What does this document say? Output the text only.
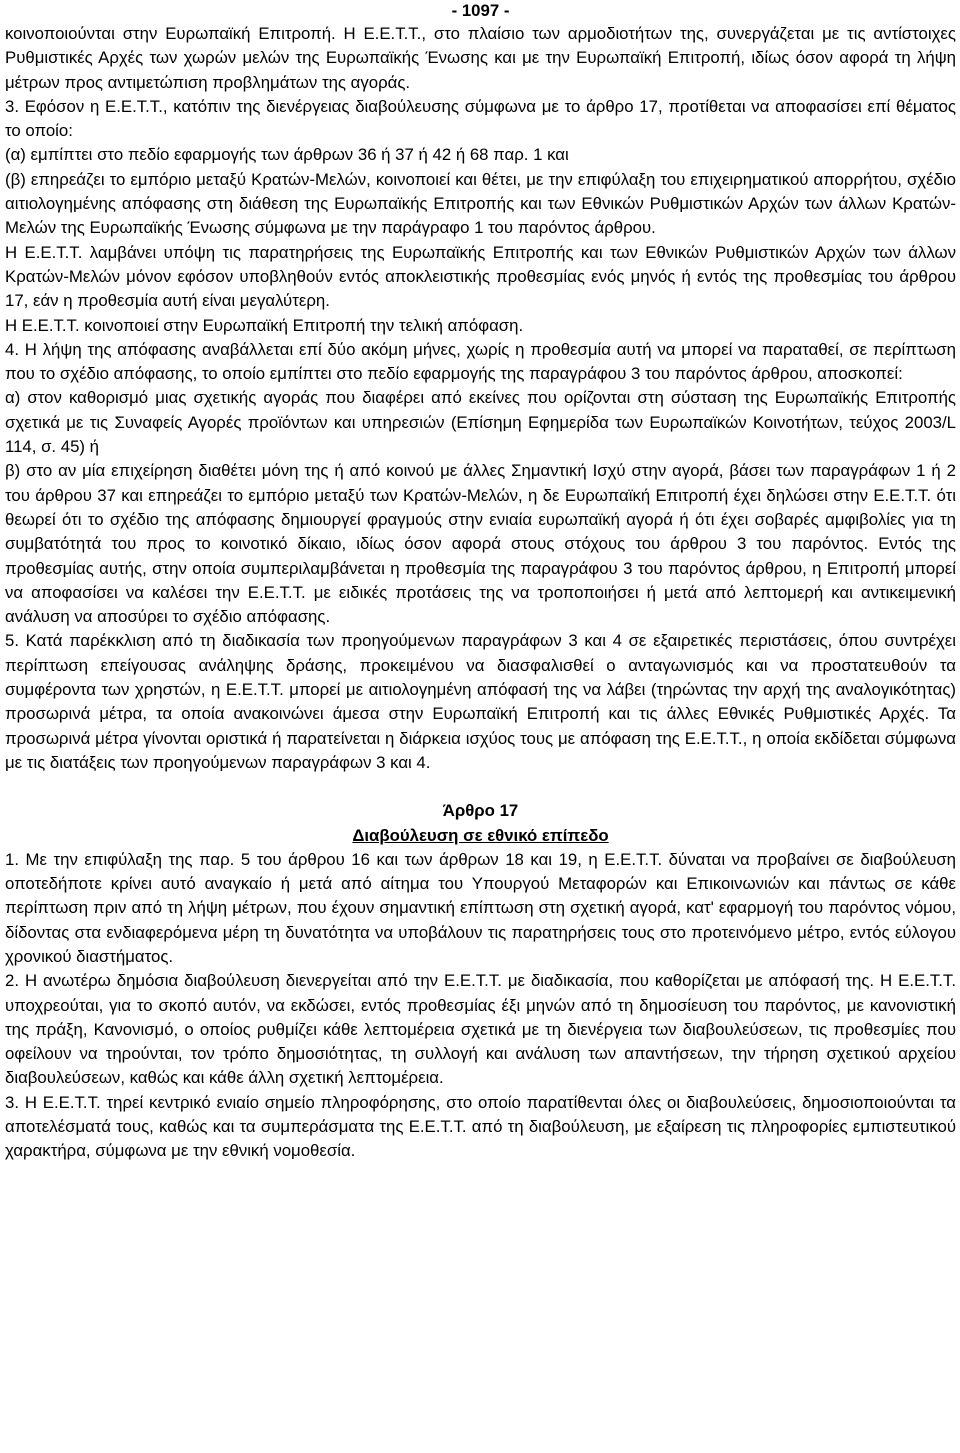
- 1097 -

κοινοποιούνται στην Ευρωπαϊκή Επιτροπή. Η Ε.Ε.Τ.Τ., στο πλαίσιο των αρμοδιοτήτων της, συνεργάζεται με τις αντίστοιχες Ρυθμιστικές Αρχές των χωρών μελών της Ευρωπαϊκής Ένωσης και με την Ευρωπαϊκή Επιτροπή, ιδίως όσον αφορά τη λήψη μέτρων προς αντιμετώπιση προβλημάτων της αγοράς.

3. Εφόσον η Ε.Ε.Τ.Τ., κατόπιν της διενέργειας διαβούλευσης σύμφωνα με το άρθρο 17, προτίθεται να αποφασίσει επί θέματος το οποίο:

(α) εμπίπτει στο πεδίο εφαρμογής των άρθρων 36 ή 37 ή 42 ή 68 παρ. 1 και

(β) επηρεάζει το εμπόριο μεταξύ Κρατών-Μελών, κοινοποιεί και θέτει, με την επιφύλαξη του επιχειρηματικού απορρήτου, σχέδιο αιτιολογημένης απόφασης στη διάθεση της Ευρωπαϊκής Επιτροπής και των Εθνικών Ρυθμιστικών Αρχών των άλλων Κρατών-Μελών της Ευρωπαϊκής Ένωσης σύμφωνα με την παράγραφο 1 του παρόντος άρθρου.

Η Ε.Ε.Τ.Τ. λαμβάνει υπόψη τις παρατηρήσεις της Ευρωπαϊκής Επιτροπής και των Εθνικών Ρυθμιστικών Αρχών των άλλων Κρατών-Μελών μόνον εφόσον υποβληθούν εντός αποκλειστικής προθεσμίας ενός μηνός ή εντός της προθεσμίας του άρθρου 17, εάν η προθεσμία αυτή είναι μεγαλύτερη.

Η Ε.Ε.Τ.Τ. κοινοποιεί στην Ευρωπαϊκή Επιτροπή την τελική απόφαση.

4. Η λήψη της απόφασης αναβάλλεται επί δύο ακόμη μήνες, χωρίς η προθεσμία αυτή να μπορεί να παραταθεί, σε περίπτωση που το σχέδιο απόφασης, το οποίο εμπίπτει στο πεδίο εφαρμογής της παραγράφου 3 του παρόντος άρθρου, αποσκοπεί:

α) στον καθορισμό μιας σχετικής αγοράς που διαφέρει από εκείνες που ορίζονται στη σύσταση της Ευρωπαϊκής Επιτροπής σχετικά με τις Συναφείς Αγορές προϊόντων και υπηρεσιών (Επίσημη Εφημερίδα των Ευρωπαϊκών Κοινοτήτων, τεύχος 2003/L 114, σ. 45) ή

β) στο αν μία επιχείρηση διαθέτει μόνη της ή από κοινού με άλλες Σημαντική Ισχύ στην αγορά, βάσει των παραγράφων 1 ή 2 του άρθρου 37 και επηρεάζει το εμπόριο μεταξύ των Κρατών-Μελών, η δε Ευρωπαϊκή Επιτροπή έχει δηλώσει στην Ε.Ε.Τ.Τ. ότι θεωρεί ότι το σχέδιο της απόφασης δημιουργεί φραγμούς στην ενιαία ευρωπαϊκή αγορά ή ότι έχει σοβαρές αμφιβολίες για τη συμβατότητά του προς το κοινοτικό δίκαιο, ιδίως όσον αφορά στους στόχους του άρθρου 3 του παρόντος. Εντός της προθεσμίας αυτής, στην οποία συμπεριλαμβάνεται η προθεσμία της παραγράφου 3 του παρόντος άρθρου, η Επιτροπή μπορεί να αποφασίσει να καλέσει την Ε.Ε.Τ.Τ. με ειδικές προτάσεις της να τροποποιήσει ή μετά από λεπτομερή και αντικειμενική ανάλυση να αποσύρει το σχέδιο απόφασης.

5. Κατά παρέκκλιση από τη διαδικασία των προηγούμενων παραγράφων 3 και 4 σε εξαιρετικές περιστάσεις, όπου συντρέχει περίπτωση επείγουσας ανάληψης δράσης, προκειμένου να διασφαλισθεί ο ανταγωνισμός και να προστατευθούν τα συμφέροντα των χρηστών, η Ε.Ε.Τ.Τ. μπορεί με αιτιολογημένη απόφασή της να λάβει (τηρώντας την αρχή της αναλογικότητας) προσωρινά μέτρα, τα οποία ανακοινώνει άμεσα στην Ευρωπαϊκή Επιτροπή και τις άλλες Εθνικές Ρυθμιστικές Αρχές. Τα προσωρινά μέτρα γίνονται οριστικά ή παρατείνεται η διάρκεια ισχύος τους με απόφαση της Ε.Ε.Τ.Τ., η οποία εκδίδεται σύμφωνα με τις διατάξεις των προηγούμενων παραγράφων 3 και 4.

Άρθρο 17

Διαβούλευση σε εθνικό επίπεδο

1. Με την επιφύλαξη της παρ. 5 του άρθρου 16 και των άρθρων 18 και 19, η Ε.Ε.Τ.Τ. δύναται να προβαίνει σε διαβούλευση οποτεδήποτε κρίνει αυτό αναγκαίο ή μετά από αίτημα του Υπουργού Μεταφορών και Επικοινωνιών και πάντως σε κάθε περίπτωση πριν από τη λήψη μέτρων, που έχουν σημαντική επίπτωση στη σχετική αγορά, κατ' εφαρμογή του παρόντος νόμου, δίδοντας στα ενδιαφερόμενα μέρη τη δυνατότητα να υποβάλουν τις παρατηρήσεις τους στο προτεινόμενο μέτρο, εντός εύλογου χρονικού διαστήματος.

2. Η ανωτέρω δημόσια διαβούλευση διενεργείται από την Ε.Ε.Τ.Τ. με διαδικασία, που καθορίζεται με απόφασή της. Η Ε.Ε.Τ.Τ. υποχρεούται, για το σκοπό αυτόν, να εκδώσει, εντός προθεσμίας έξι μηνών από τη δημοσίευση του παρόντος, με κανονιστική της πράξη, Κανονισμό, ο οποίος ρυθμίζει κάθε λεπτομέρεια σχετικά με τη διενέργεια των διαβουλεύσεων, τις προθεσμίες που οφείλουν να τηρούνται, τον τρόπο δημοσιότητας, τη συλλογή και ανάλυση των απαντήσεων, την τήρηση σχετικού αρχείου διαβουλεύσεων, καθώς και κάθε άλλη σχετική λεπτομέρεια.

3. Η Ε.Ε.Τ.Τ. τηρεί κεντρικό ενιαίο σημείο πληροφόρησης, στο οποίο παρατίθενται όλες οι διαβουλεύσεις, δημοσιοποιούνται τα αποτελέσματά τους, καθώς και τα συμπεράσματα της Ε.Ε.Τ.Τ. από τη διαβούλευση, με εξαίρεση τις πληροφορίες εμπιστευτικού χαρακτήρα, σύμφωνα με την εθνική νομοθεσία.
